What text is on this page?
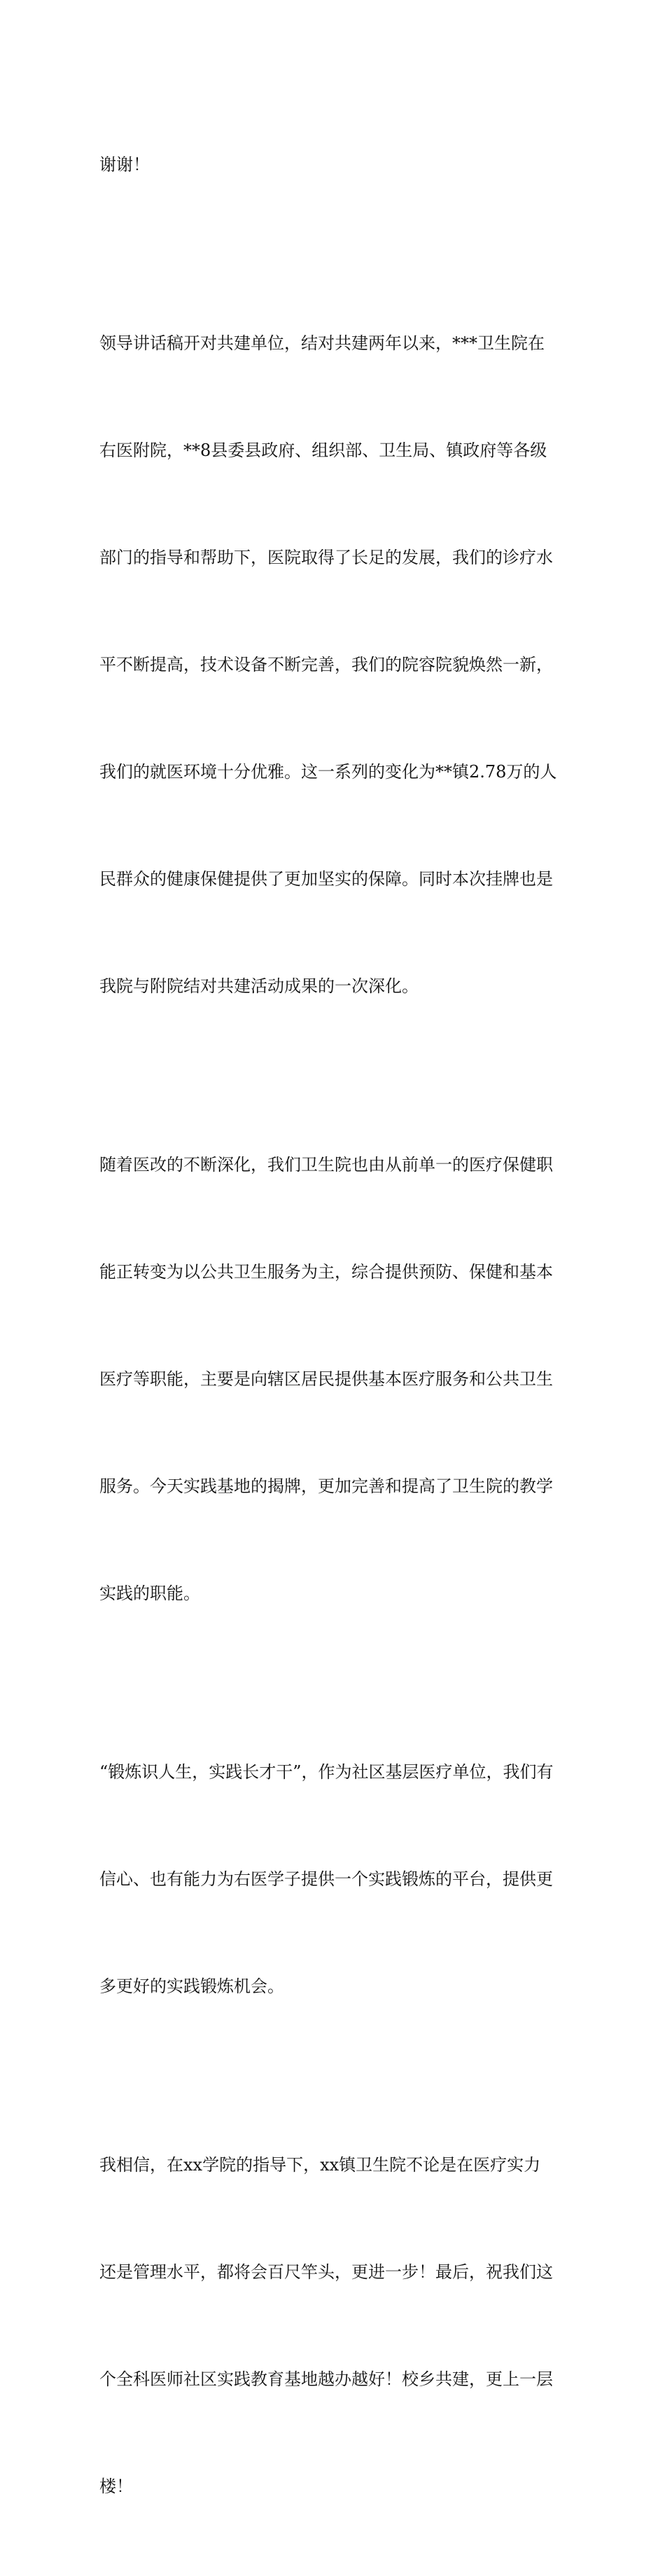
谢谢！

领导讲话稿开对共建单位，结对共建两年以来，***卫生院在

右医附院，**8县委县政府、组织部、卫生局、镇政府等各级

部门的指导和帮助下，医院取得了长足的发展，我们的诊疗水

平不断提高，技术设备不断完善，我们的院容院貌焕然一新，

我们的就医环境十分优雅。这一系列的变化为**镇2.78万的人

民群众的健康保健提供了更加坚实的保障。同时本次挂牌也是

我院与附院结对共建活动成果的一次深化。

随着医改的不断深化，我们卫生院也由从前单一的医疗保健职

能正转变为以公共卫生服务为主，综合提供预防、保健和基本

医疗等职能，主要是向辖区居民提供基本医疗服务和公共卫生

服务。今天实践基地的揭牌，更加完善和提高了卫生院的教学

实践的职能。

“锻炼识人生，实践长才干”，作为社区基层医疗单位，我们有

信心、也有能力为右医学子提供一个实践锻炼的平台，提供更

多更好的实践锻炼机会。

我相信，在xx学院的指导下，xx镇卫生院不论是在医疗实力

还是管理水平，都将会百尺竿头，更进一步！最后，祝我们这

个全科医师社区实践教育基地越办越好！校乡共建，更上一层

楼！
